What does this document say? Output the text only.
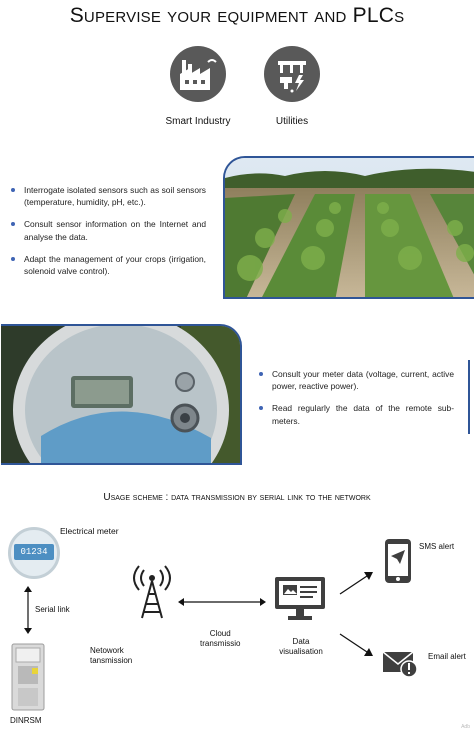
Supervise your equipment and PLCs
Smart Industry	Utilities
Interrogate isolated sensors such as soil sensors (temperature, humidity, pH, etc.).
Consult sensor information on the Internet and analyse the data.
Adapt the management of your crops (irrigation, solenoid valve control).
Consult your meter data (voltage, current, active power, reactive power).
Read regularly the data of the remote sub-meters.
Usage scheme : data transmission by serial link to the network
01234
Electrical meter
Serial link
DINRSM
Netowork
tansmission
Cloud
transmissio	Data
visualisation
SMS alert
Email alert
Adb
